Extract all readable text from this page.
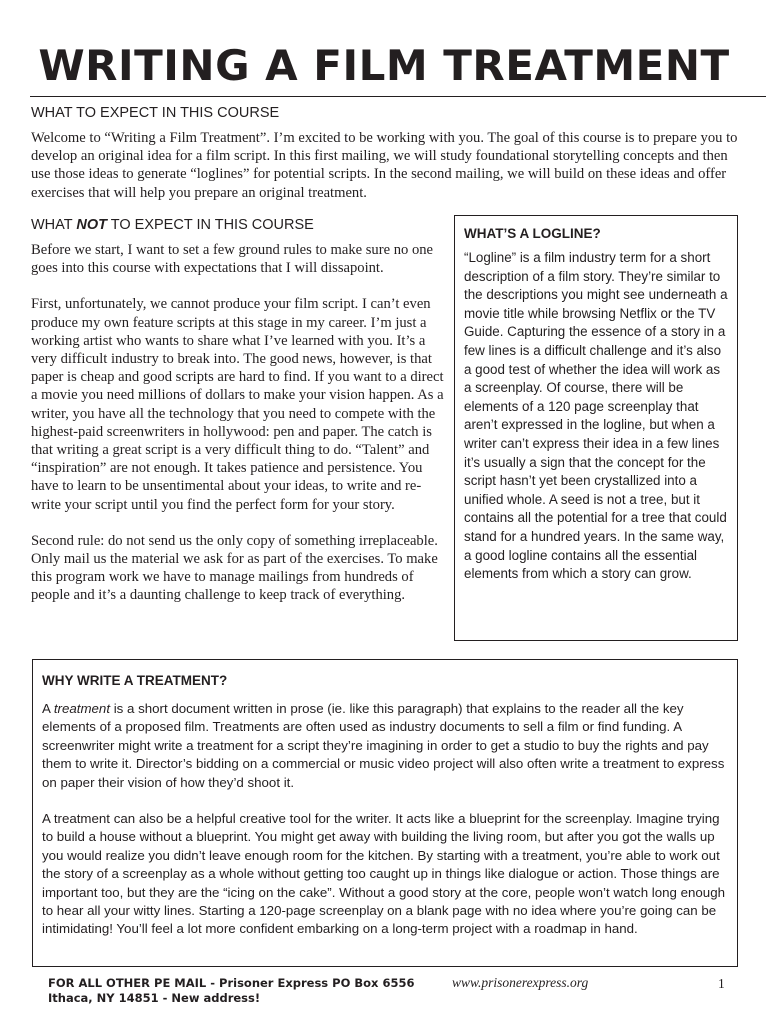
WRITING A FILM TREATMENT
WHAT TO EXPECT IN THIS COURSE

Welcome to “Writing a Film Treatment”. I’m excited to be working with you. The goal of this course is to prepare you to develop an original idea for a film script. In this first mailing, we will study foundational storytelling concepts and then use those ideas to generate “loglines” for potential scripts. In the second mailing, we will build on these ideas and offer exercises that will help you prepare an original treatment.

WHAT NOT TO EXPECT IN THIS COURSE

Before we start, I want to set a few ground rules to make sure no one goes into this course with expectations that I will dissapoint.

First, unfortunately, we cannot produce your film script. I can’t even produce my own feature scripts at this stage in my career. I’m just a working artist who wants to share what I’ve learned with you. It’s a very difficult industry to break into. The good news, however, is that paper is cheap and good scripts are hard to find. If you want to a direct a movie you need millions of dollars to make your vision happen. As a writer, you have all the technology that you need to compete with the highest-paid screenwriters in hollywood: pen and paper. The catch is that writing a great script is a very difficult thing to do. “Talent” and “inspiration” are not enough. It takes patience and persistence. You have to learn to be unsentimental about your ideas, to write and re-write your script until you find the perfect form for your story.

Second rule: do not send us the only copy of something irreplaceable. Only mail us the material we ask for as part of the exercises. To make this program work we have to manage mailings from hundreds of people and it’s a daunting challenge to keep track of everything.

WHAT’S A LOGLINE?

“Logline” is a film industry term for a short description of a film story. They’re similar to the descriptions you might see underneath a movie title while browsing Netflix or the TV Guide. Capturing the essence of a story in a few lines is a difficult challenge and it’s also a good test of whether the idea will work as a screenplay. Of course, there will be elements of a 120 page screenplay that aren’t expressed in the logline, but when a writer can’t express their idea in a few lines it’s usually a sign that the concept for the script hasn’t yet been crystallized into a unified whole. A seed is not a tree, but it contains all the potential for a tree that could stand for a hundred years. In the same way, a good logline contains all the essential elements from which a story can grow.

WHY WRITE A TREATMENT?

A treatment is a short document written in prose (ie. like this paragraph) that explains to the reader all the key elements of a proposed film. Treatments are often used as industry documents to sell a film or find funding. A screenwriter might write a treatment for a script they’re imagining in order to get a studio to buy the rights and pay them to write it. Director’s bidding on a commercial or music video project will also often write a treatment to express on paper their vision of how they’d shoot it.

A treatment can also be a helpful creative tool for the writer. It acts like a blueprint for the screenplay. Imagine trying to build a house without a blueprint. You might get away with building the living room, but after you got the walls up you would realize you didn’t leave enough room for the kitchen. By starting with a treatment, you’re able to work out the story of a screenplay as a whole without getting too caught up in things like dialogue or action. Those things are important too, but they are the “icing on the cake”. Without a good story at the core, people won’t watch long enough to hear all your witty lines. Starting a 120-page screenplay on a blank page with no idea where you’re going can be intimidating! You’ll feel a lot more confident embarking on a long-term project with a roadmap in hand.

FOR ALL OTHER PE MAIL - Prisoner Express PO Box 6556
Ithaca, NY 14851 - New address!
www.prisonerexpress.org	1
